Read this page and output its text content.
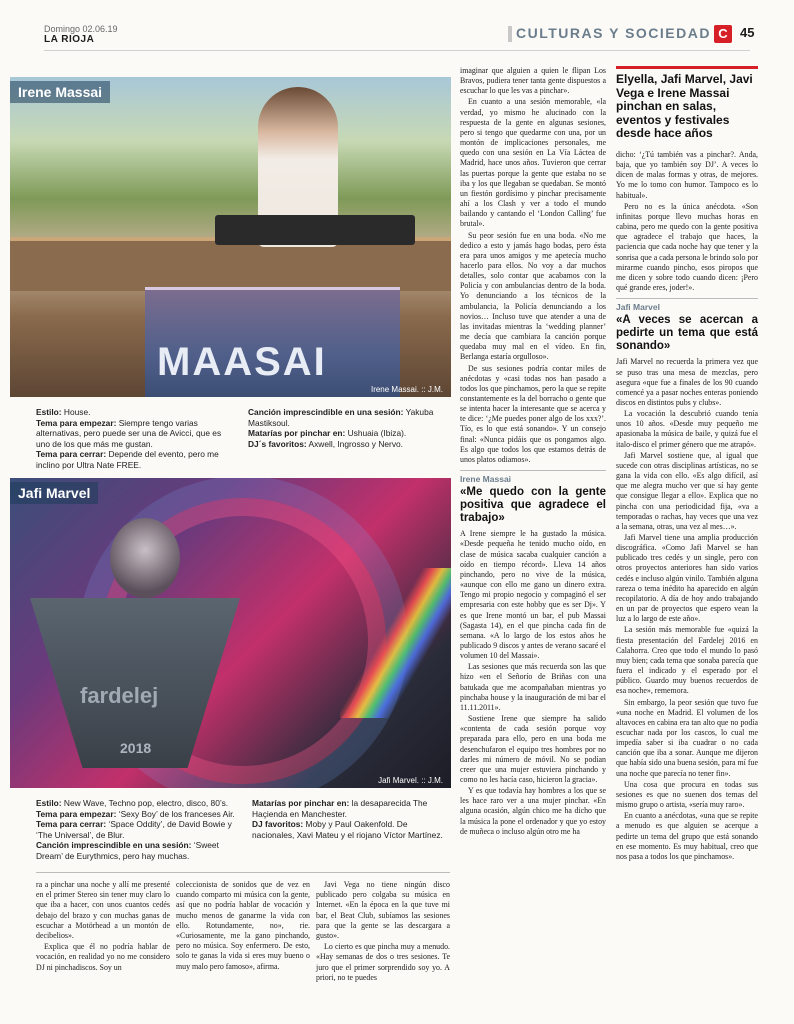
Domingo 02.06.19
LA RIOJA	CULTURAS Y SOCIEDAD C 45
MAASAI
Irene Massai
Irene Massai. :: J.M.
Estilo: House.
Tema para empezar: Siempre tengo varias alternativas, pero puede ser una de Avicci, que es uno de los que más me gustan.
Tema para cerrar: Depende del evento, pero me inclino por Ultra Nate FREE.
Canción imprescindible en una sesión: Yakuba Mastiksoul.
Matarías por pinchar en: Ushuaia (Ibiza).
DJ´s favoritos: Axwell, Ingrosso y Nervo.
fardelej
2018
Jafi Marvel
Jafi Marvel. :: J.M.
Estilo: New Wave, Techno pop, electro, disco, 80’s.
Tema para empezar: ‘Sexy Boy’ de los franceses Air.
Tema para cerrar: ‘Space Oddity’, de David Bowie y ‘The Universal’, de Blur.
Canción imprescindible en una sesión: ‘Sweet Dream’ de Eurythmics, pero hay muchas.
Matarías por pinchar en: la desaparecida The Haçienda en Manchester.
DJ favoritos: Moby y Paul Oakenfold. De nacionales, Xavi Mateu y el riojano Víctor Martínez.

ra a pinchar una noche y allí me presenté en el primer Stereo sin tener muy claro lo que iba a hacer, con unos cuantos cedés debajo del brazo y con muchas ganas de escuchar a Motörhead a un montón de decibelios».

Explica que él no podría hablar de vocación, en realidad yo no me considero DJ ni pinchadiscos. Soy un

coleccionista de sonidos que de vez en cuando comparto mi música con la gente, así que no podría hablar de vocación y mucho menos de ganarme la vida con ello. Rotundamente, no», rie. «Curiosamente, me la gano pinchando, pero no música. Soy enfermero. De esto, solo te ganas la vida si eres muy bueno o muy malo pero famoso», afirma.

Javi Vega no tiene ningún disco publicado pero colgaba su música en Internet. «En la época en la que tuve mi bar, el Beat Club, subíamos las sesiones para que la gente se las descargara a gusto».

Lo cierto es que pincha muy a menudo. «Hay semanas de dos o tres sesiones. Te juro que el primer sorprendido soy yo. A priori, no te puedes

imaginar que alguien a quien le flipan Los Bravos, pudiera tener tanta gente dispuestos a escuchar lo que les vas a pinchar».

En cuanto a una sesión memorable, «la verdad, yo mismo he alucinado con la respuesta de la gente en algunas sesiones, pero si tengo que quedarme con una, por un montón de implicaciones personales, me quedo con una sesión en La Vía Láctea de Madrid, hace unos años. Tuvieron que cerrar las puertas porque la gente que estaba no se iba y los que llegaban se quedaban. Se montó un fiestón gordísimo y pinchar precisamente ahí a los Clash y ver a todo el mundo bailando y cantando el ‘London Calling’ fue brutal».

Su peor sesión fue en una boda. «No me dedico a esto y jamás hago bodas, pero ésta era para unos amigos y me apetecía mucho hacerlo para ellos. No voy a dar muchos detalles, solo contar que acabamos con la Policía y con ambulancias dentro de la boda. Yo denunciando a los técnicos de la ambulancia, la Policía denunciando a los novios… Incluso tuve que atender a una de las invitadas mientras la ‘wedding planner’ me decía que cambiara la canción porque quedaba muy mal en el vídeo. En fin, Berlanga estaría orgulloso».

De sus sesiones podría contar miles de anécdotas y «casi todas nos han pasado a todos los que pinchamos, pero la que se repite constantemente es la del borracho o gente que se intenta hacer la interesante que se acerca y te dice: ‘¿Me puedes poner algo de los xxx?’. Tío, es lo que está sonando». Y un consejo final: «Nunca pidáis que os pongamos algo. Es algo que todos los que estamos detrás de unos platos odiamos».

Irene Massai
«Me quedo con la gente positiva que agradece el trabajo»

A Irene siempre le ha gustado la música. «Desde pequeña he tenido mucho oído, en clase de música sacaba cualquier canción a oído en tiempo récord». Lleva 14 años pinchando, pero no vive de la música, «aunque con ello me gano un dinero extra. Tengo mi propio negocio y compaginó el ser empresaria con este hobby que es ser Dj». Y es que Irene montó un bar, el pub Massai (Sagasta 14), en el que pincha cada fin de semana. «A lo largo de los estos años he publicado 9 discos y antes de verano sacaré el volumen 10 del Massai».

Las sesiones que más recuerda son las que hizo «en el Señorío de Briñas con una batukada que me acompañaban mientras yo pinchaba house y la inauguración de mi bar el 11.11.2011».

Sostiene Irene que siempre ha salido «contenta de cada sesión porque voy preparada para ello, pero en una boda me desenchufaron el equipo tres hombres por no darles mi número de móvil. No se podían creer que una mujer estuviera pinchando y como no les hacía caso, hicieron la gracia».

Y es que todavía hay hombres a los que se les hace raro ver a una mujer pinchar. «En alguna ocasión, algún chico me ha dicho que la música la pone el ordenador y que yo estoy de muñeca o incluso algún otro me ha

Elyella, Jafi Marvel, Javi Vega e Irene Massai pinchan en salas, eventos y festivales desde hace años

dicho: ‘¿Tú también vas a pinchar?. Anda, baja, que yo también soy DJ’. A veces lo dicen de malas formas y otras, de mejores. Yo me lo tomo con humor. Tampoco es lo habitual».

Pero no es la única anécdota. «Son infinitas porque llevo muchas horas en cabina, pero me quedo con la gente positiva que agradece el trabajo que haces, la paciencia que cada noche hay que tener y la sonrisa que a cada persona le brindo solo por mirarme cuando pincho, esos piropos que me dicen y sobre todo cuando dicen: ¡Pero qué grande eres, joder!».

Jafi Marvel
«A veces se acercan a pedirte un tema que está sonando»

Jafi Marvel no recuerda la primera vez que se puso tras una mesa de mezclas, pero asegura «que fue a finales de los 90 cuando comencé ya a pasar noches enteras poniendo discos en distintos pubs y clubs».

La vocación la descubrió cuando tenía unos 10 años. «Desde muy pequeño me apasionaba la música de baile, y quizá fue el italo-disco el primer género que me atrapó».

Jafi Marvel sostiene que, al igual que sucede con otras disciplinas artísticas, no se gana la vida con ello. «Es algo difícil, así que me alegra mucho ver que sí hay gente que consigue llegar a ello». Explica que no pincha con una periodicidad fija, «va a temporadas o rachas, hay veces que una vez a la semana, otras, una vez al mes…».

Jafi Marvel tiene una amplia producción discográfica. «Como Jafi Marvel se han publicado tres cedés y un single, pero con otros proyectos anteriores han sido varios cedés e incluso algún vinilo. También alguna rareza o tema inédito ha aparecido en algún recopilatorio. A día de hoy ando trabajando en un par de proyectos que espero vean la luz a lo largo de este año».

La sesión más memorable fue «quizá la fiesta presentación del Fardelej 2016 en Calahorra. Creo que todo el mundo lo pasó muy bien; cada tema que sonaba parecía que fuera el indicado y el esperado por el público. Guardo muy buenos recuerdos de esa noche», rememora.

Sin embargo, la peor sesión que tuvo fue «una noche en Madrid. El volumen de los altavoces en cabina era tan alto que no podía escuchar nada por los cascos, lo cual me impedía saber si iba cuadrar o no cada canción que iba a sonar. Aunque me dijeron que había sido una buena sesión, para mí fue una noche que parecía no tener fin».

Una cosa que procura en todas sus sesiones es que no suenen dos temas del mismo grupo o artista, «sería muy raro».

En cuanto a anécdotas, «una que se repite a menudo es que alguien se acerque a pedirte un tema del grupo que está sonando en ese momento. Es muy habitual, creo que nos pasa a todos los que pinchamos».
